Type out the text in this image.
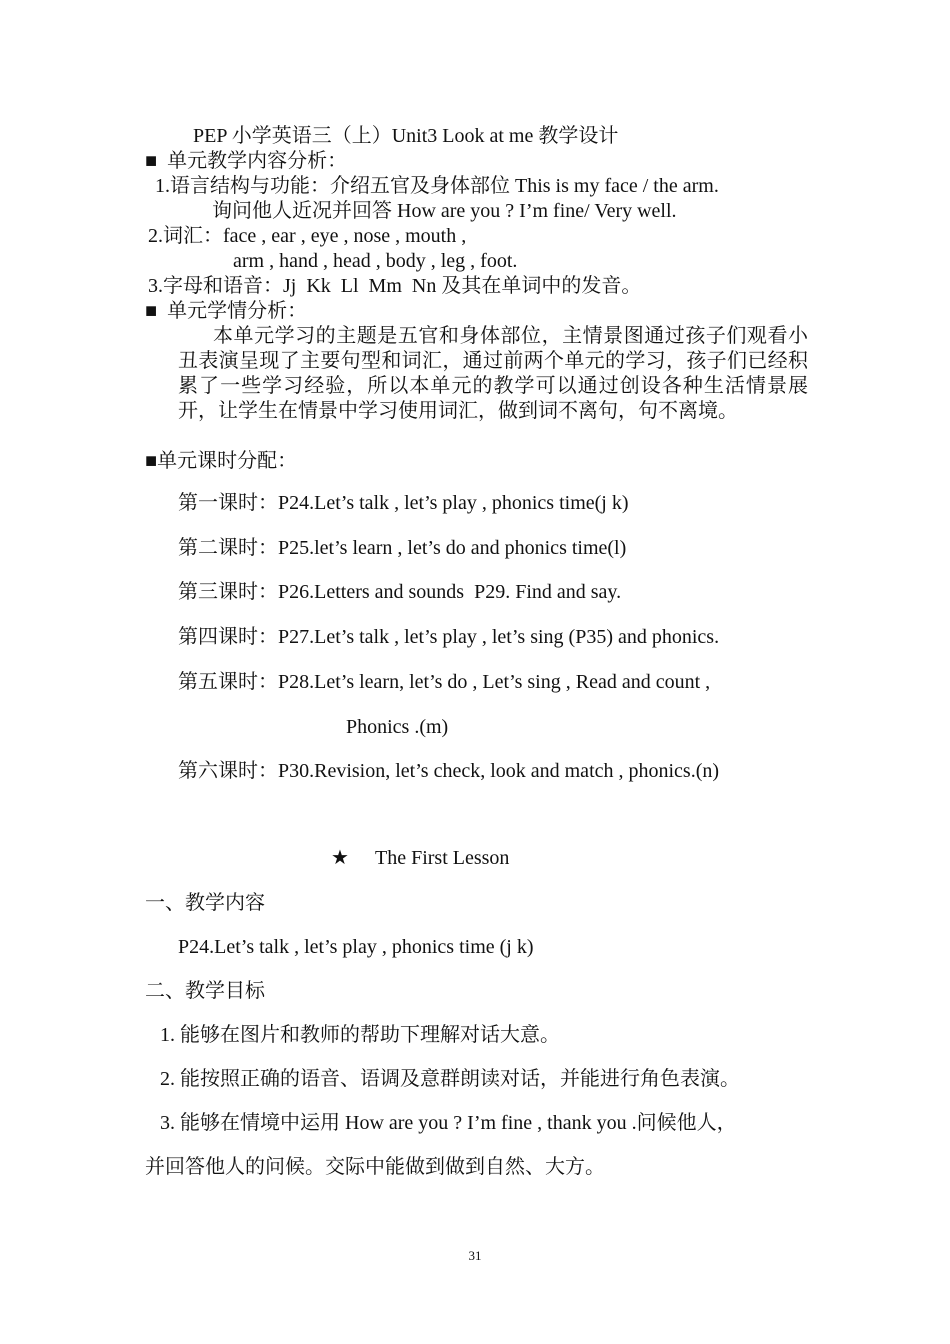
PEP 小学英语三（上）Unit3 Look at me 教学设计
■  单元教学内容分析：
1.语言结构与功能：介绍五官及身体部位 This is my face / the arm.
询问他人近况并回答 How are you ? I’m fine/ Very well.
2.词汇：face , ear , eye , nose , mouth ,
arm , hand , head , body , leg , foot.
3.字母和语音：Jj  Kk  Ll  Mm  Nn 及其在单词中的发音。
■  单元学情分析：
本单元学习的主题是五官和身体部位，主情景图通过孩子们观看小丑表演呈现了主要句型和词汇，通过前两个单元的学习，孩子们已经积累了一些学习经验，所以本单元的教学可以通过创设各种生活情景展开，让学生在情景中学习使用词汇，做到词不离句，句不离境。
■单元课时分配：
第一课时：P24.Let’s talk , let’s play , phonics time(j k)
第二课时：P25.let’s learn , let’s do and phonics time(l)
第三课时：P26.Letters and sounds  P29. Find and say.
第四课时：P27.Let’s talk , let’s play , let’s sing (P35) and phonics.
第五课时：P28.Let’s learn, let’s do , Let’s sing , Read and count ,
Phonics .(m)
第六课时：P30.Revision, let’s check, look and match , phonics.(n)
★ The First Lesson
一、教学内容
P24.Let’s talk , let’s play , phonics time (j k)
二、教学目标
1. 能够在图片和教师的帮助下理解对话大意。
2. 能按照正确的语音、语调及意群朗读对话，并能进行角色表演。
3. 能够在情境中运用 How are you ? I’m fine , thank you .问候他人，
并回答他人的问候。交际中能做到做到自然、大方。
31
